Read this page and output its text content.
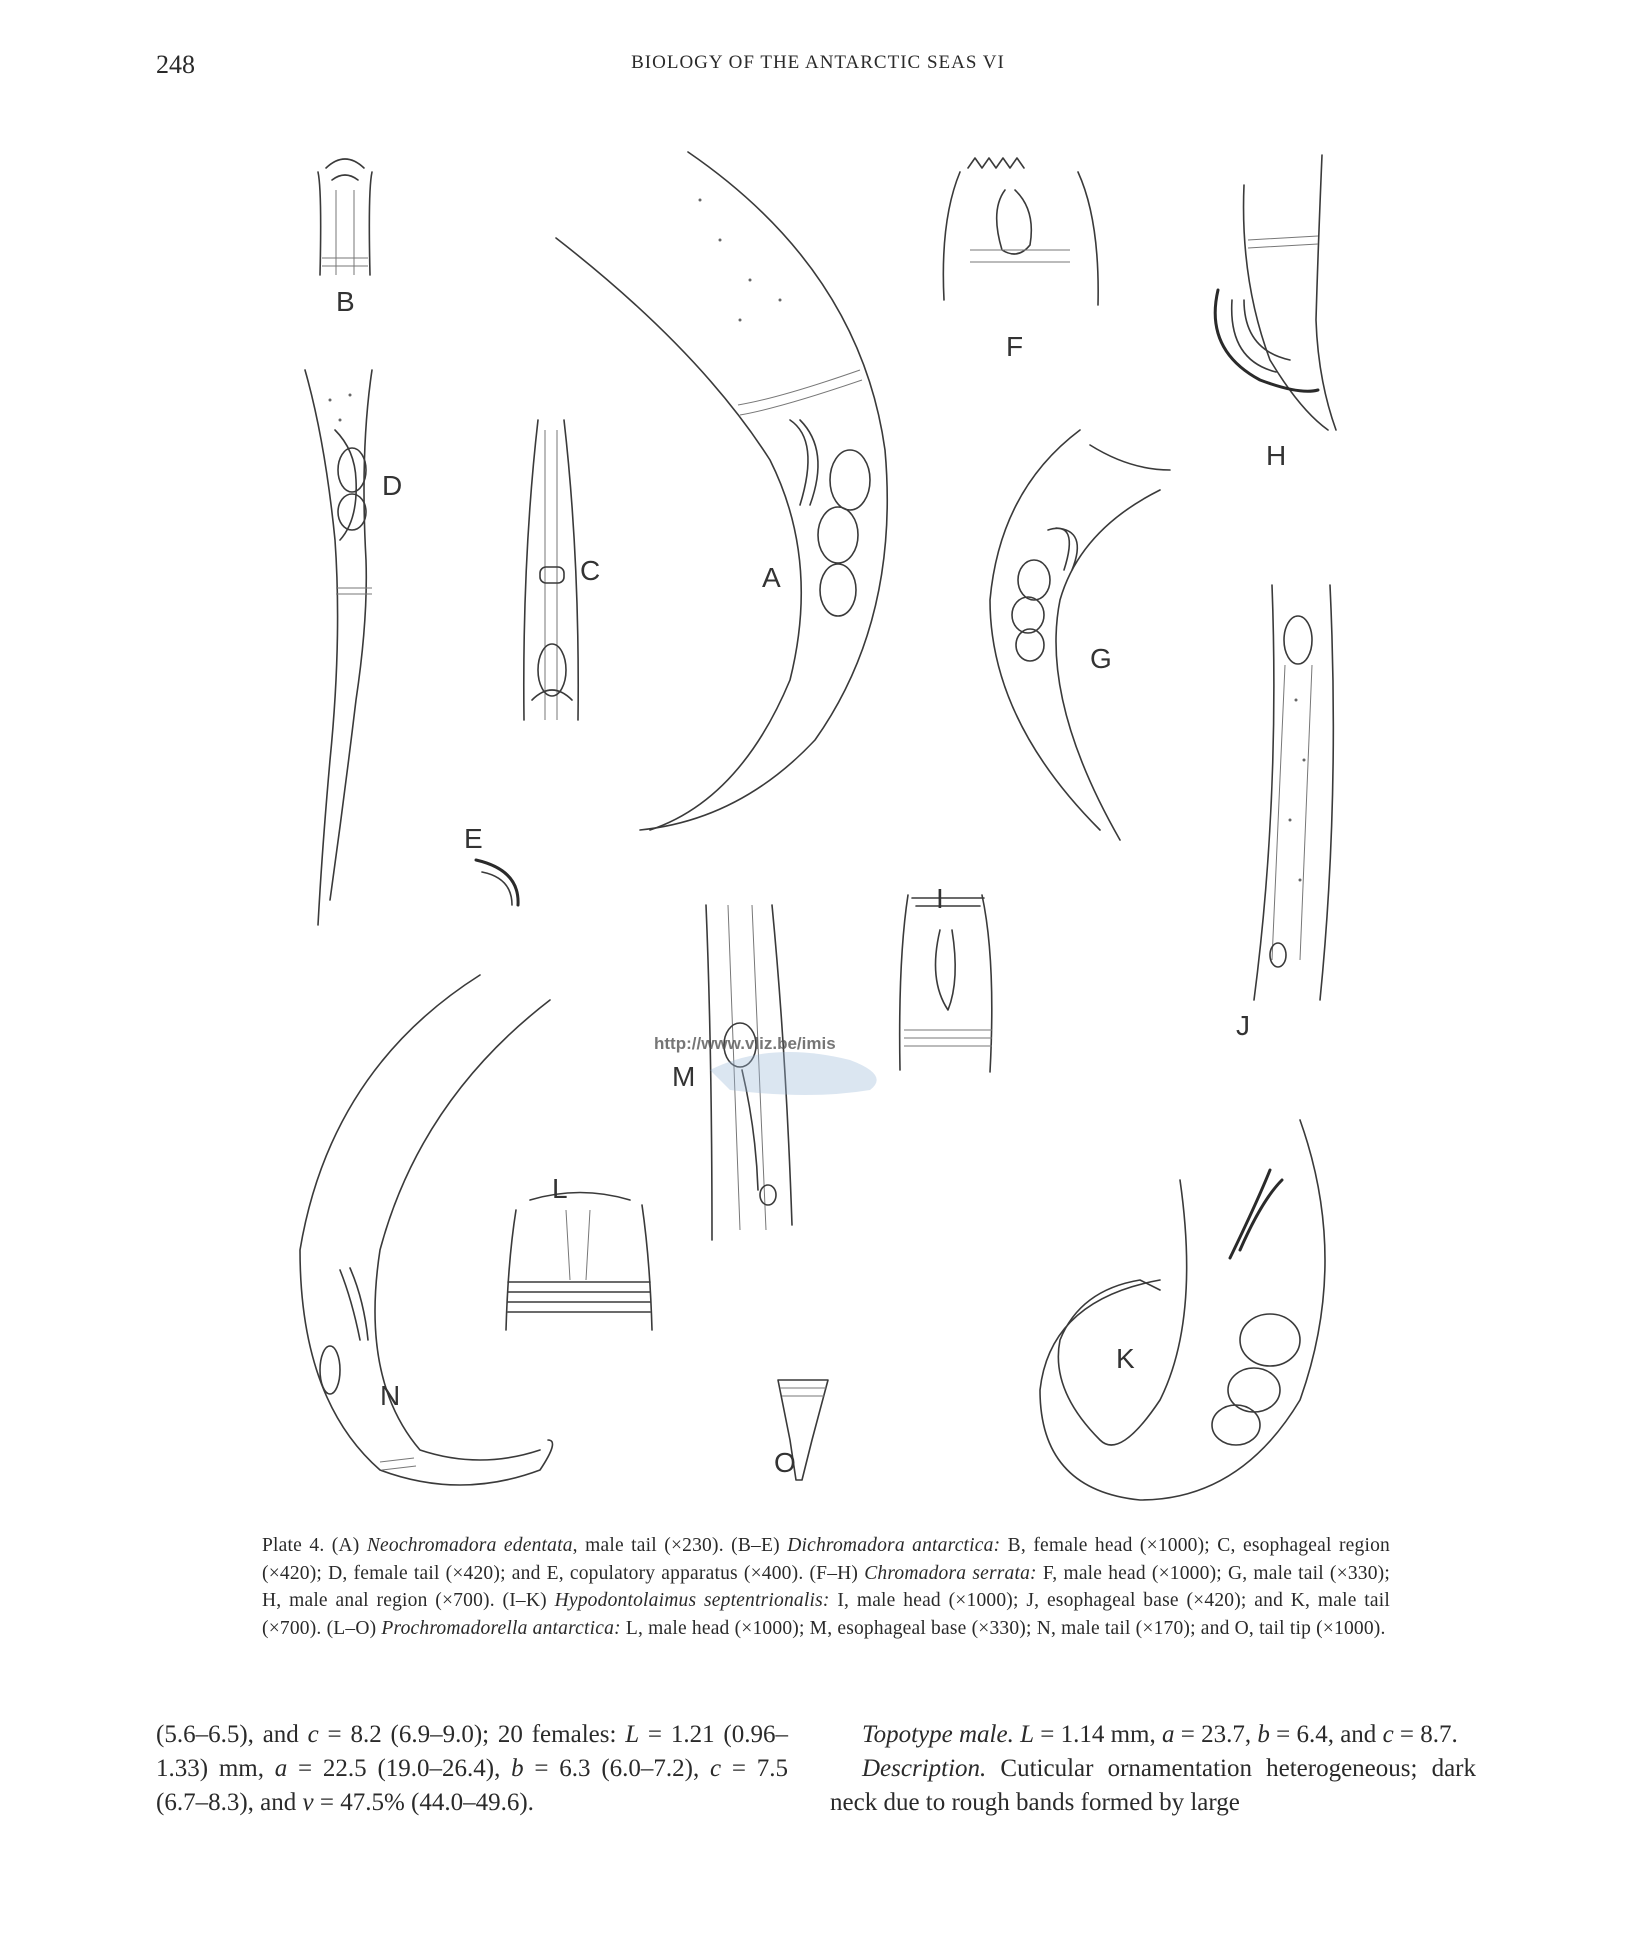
248	BIOLOGY OF THE ANTARCTIC SEAS VI
B
D
C
E
A
F
H
G
J
I
M
L
N
O
K
http://www.vliz.be/imis
Plate 4. (A) Neochromadora edentata, male tail (×230). (B–E) Dichromadora antarctica: B, female head (×1000); C, esophageal region (×420); D, female tail (×420); and E, copulatory apparatus (×400). (F–H) Chromadora serrata: F, male head (×1000); G, male tail (×330); H, male anal region (×700). (I–K) Hypodontolaimus septentrionalis: I, male head (×1000); J, esophageal base (×420); and K, male tail (×700). (L–O) Prochromadorella antarctica: L, male head (×1000); M, esophageal base (×330); N, male tail (×170); and O, tail tip (×1000).

(5.6–6.5), and c = 8.2 (6.9–9.0); 20 females: L = 1.21 (0.96–1.33) mm, a = 22.5 (19.0–26.4), b = 6.3 (6.0–7.2), c = 7.5 (6.7–8.3), and v = 47.5% (44.0–49.6).

Topotype male. L = 1.14 mm, a = 23.7, b = 6.4, and c = 8.7.

Description. Cuticular ornamentation heterogeneous; dark neck due to rough bands formed by large
